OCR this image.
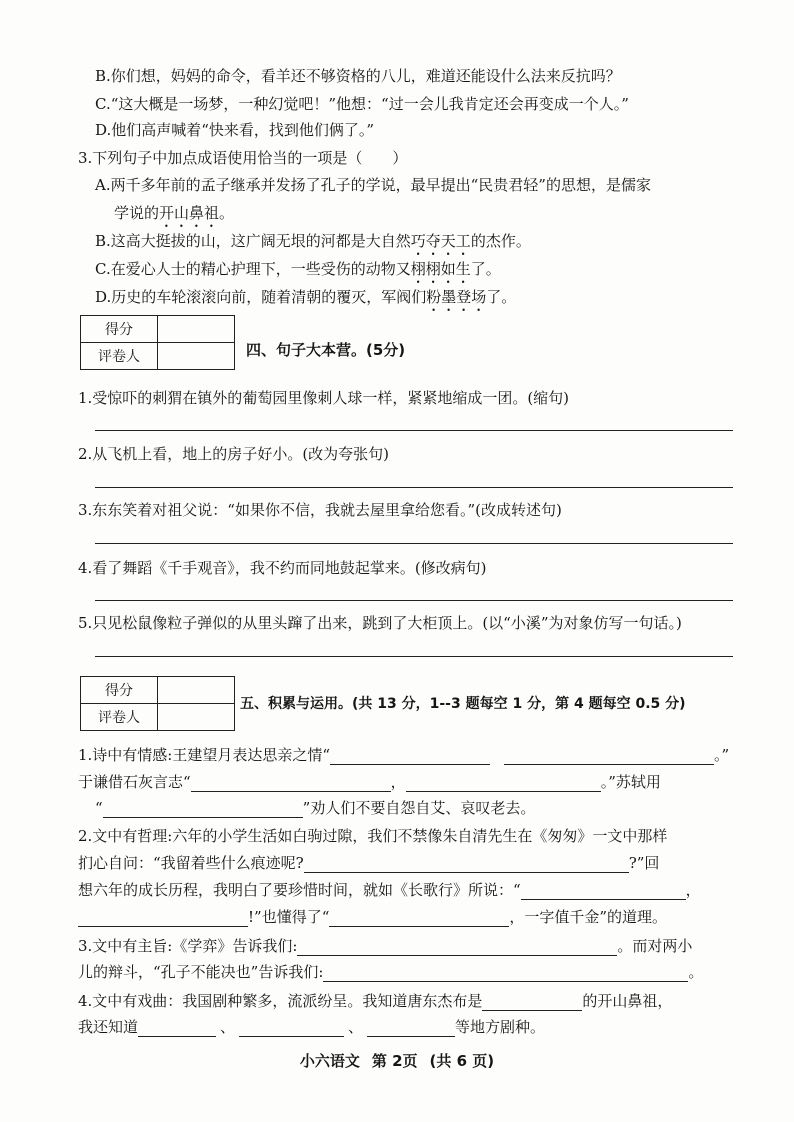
B.你们想，妈妈的命令，看羊还不够资格的八儿，难道还能设什么法来反抗吗？
C.“这大概是一场梦，一种幻觉吧！”他想：“过一会儿我肯定还会再变成一个人。”
D.他们高声喊着“快来看，找到他们俩了。”
3.下列句子中加点成语使用恰当的一项是（　　）
A.两千多年前的孟子继承并发扬了孔子的学说，最早提出“民贵君轻”的思想，是儒家
学说的开山鼻祖。
B.这高大挺拔的山，这广阔无垠的河都是大自然巧夺天工的杰作。
C.在爱心人士的精心护理下，一些受伤的动物又栩栩如生了。
D.历史的车轮滚滚向前，随着清朝的覆灭，军阀们粉墨登场了。
得分	
评卷人		四、句子大本营。(5分)
1.受惊吓的刺猬在镇外的葡萄园里像刺人球一样，紧紧地缩成一团。(缩句)
2.从飞机上看，地上的房子好小。(改为夸张句)
3.东东笑着对祖父说：“如果你不信，我就去屋里拿给您看。”(改成转述句)
4.看了舞蹈《千手观音》，我不约而同地鼓起掌来。(修改病句)
5.只见松鼠像粒子弹似的从里头蹿了出来，跳到了大柜顶上。(以“小溪”为对象仿写一句话。)
得分	
评卷人	
五、积累与运用。(共 13 分，1--3 题每空 1 分，第 4 题每空 0.5 分)
1.诗中有情感:王建望月表达思亲之情“	。”
于谦借石灰言志“	，	。”苏轼用
“	”劝人们不要自怨自艾、哀叹老去。
2.文中有哲理:六年的小学生活如白驹过隙，我们不禁像朱自清先生在《匆匆》一文中那样
扪心自问：“我留着些什么痕迹呢?	?”回
想六年的成长历程，我明白了要珍惜时间，就如《长歌行》所说：“	，
!”也懂得了“	，一字值千金”的道理。
3.文中有主旨:《学弈》告诉我们:	。而对两小
儿的辩斗，“孔子不能决也”告诉我们:	。
4.文中有戏曲：我国剧种繁多，流派纷呈。我知道唐东杰布是	的开山鼻祖，
我还知道	、	、	等地方剧种。
小六语文 第 2页 (共 6 页)
